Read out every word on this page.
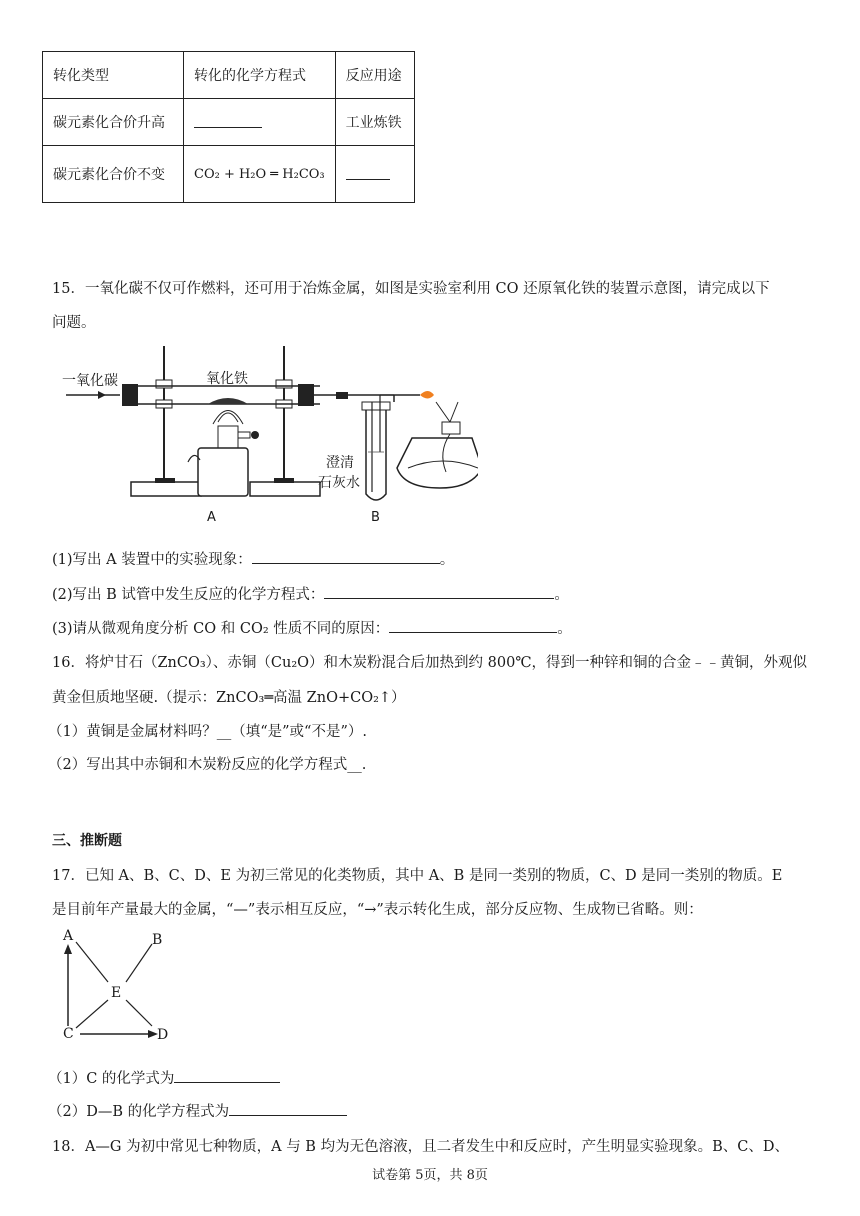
转化类型	转化的化学方程式	反应用途
碳元素化合价升高		工业炼铁
碳元素化合价不变	CO₂ + H₂O ═ H₂CO₃	
15．一氧化碳不仅可作燃料，还可用于冶炼金属，如图是实验室利用 CO 还原氧化铁的装置示意图，请完成以下
问题。
一氧化碳	氧化铁
澄清
石灰水
A	B
(1)写出 A 装置中的实验现象：	。
(2)写出 B 试管中发生反应的化学方程式：	。
(3)请从微观角度分析 CO 和 CO₂ 性质不同的原因：	。
16．将炉甘石（ZnCO₃）、赤铜（Cu₂O）和木炭粉混合后加热到约 800℃，得到一种锌和铜的合金﹣﹣黄铜，外观似
黄金但质地坚硬.（提示：ZnCO₃═高温 ZnO+CO₂↑）
（1）黄铜是金属材料吗？__（填“是”或“不是”）.
（2）写出其中赤铜和木炭粉反应的化学方程式__.
三、推断题
17．已知 A、B、C、D、E 为初三常见的化类物质，其中 A、B 是同一类别的物质，C、D 是同一类别的物质。E
是目前年产量最大的金属，“—”表示相互反应，“→”表示转化生成，部分反应物、生成物已省略。则：
A	B
E
C	D
（1）C 的化学式为
（2）D—B 的化学方程式为
18．A—G 为初中常见七种物质，A 与 B 均为无色溶液，且二者发生中和反应时，产生明显实验现象。B、C、D、
试卷第 5页，共 8页
